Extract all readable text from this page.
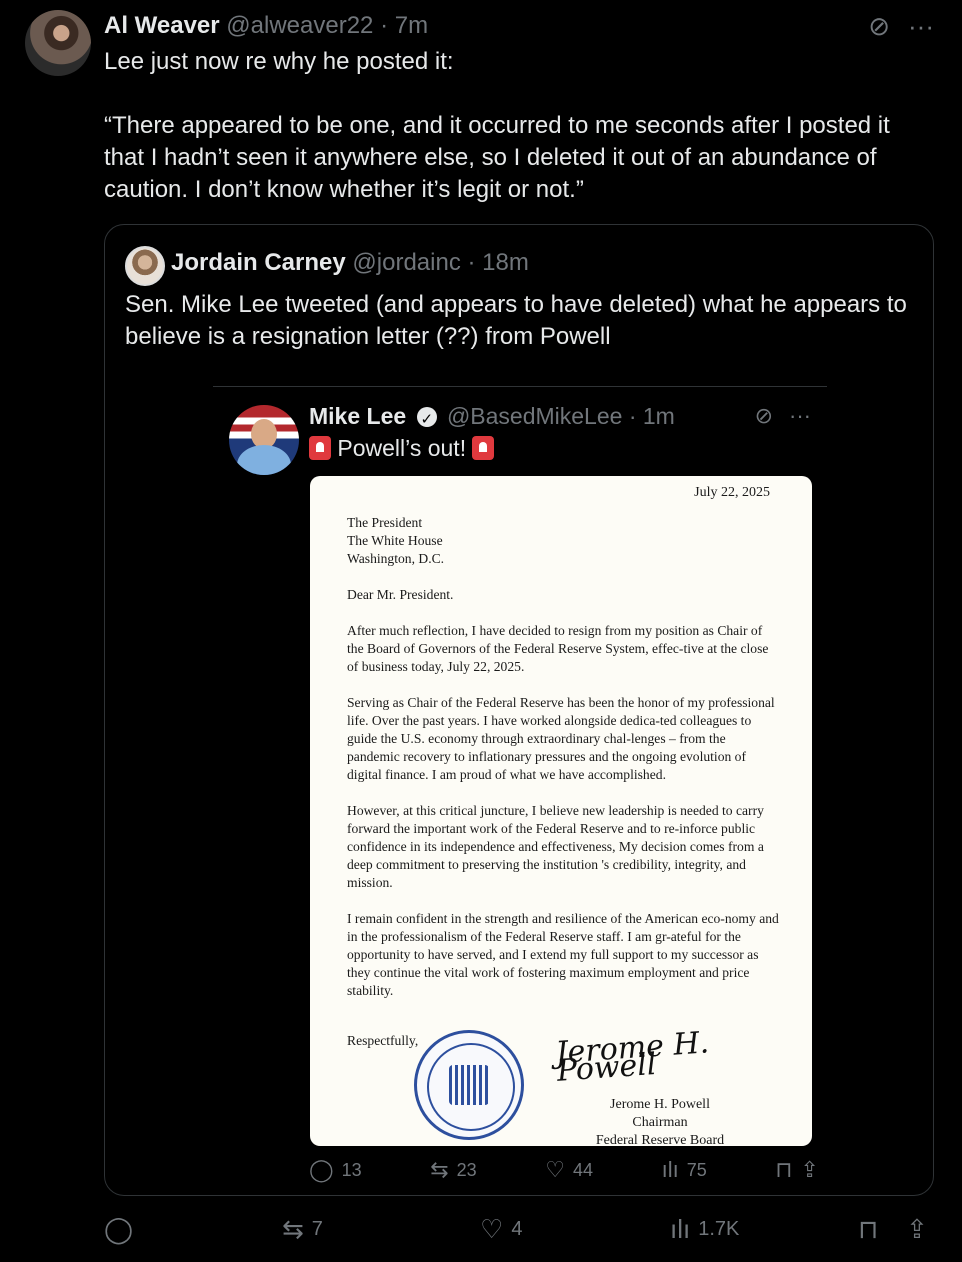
Al Weaver @alweaver22 · 7m	⊘ ···
Lee just now re why he posted it:

“There appeared to be one, and it occurred to me seconds after I posted it that I hadn’t seen it anywhere else, so I deleted it out of an abundance of caution. I don’t know whether it’s legit or not.”
Jordain Carney @jordainc · 18m
Sen. Mike Lee tweeted (and appears to have deleted) what he appears to believe is a resignation letter (??) from Powell
Mike Lee ✓ @BasedMikeLee · 1m	⊘ ···
Powell’s out!
July 22, 2025

The President
The White House
Washington, D.C.

Dear Mr. President.

After much reflection, I have decided to resign from my position as Chair of the Board of Governors of the Federal Reserve System, effec-tive at the close of business today, July 22, 2025.

Serving as Chair of the Federal Reserve has been the honor of my professional life. Over the past years. I have worked alongside dedica-ted colleagues to guide the U.S. economy through extraordinary chal-lenges – from the pandemic recovery to inflationary pressures and the ongoing evolution of digital finance. I am proud of what we have accomplished.

However, at this critical juncture, I believe new leadership is needed to carry forward the important work of the Federal Reserve and to re-inforce public confidence in its independence and effectiveness, My decision comes from a deep commitment to preserving the institution 's credibility, integrity, and mission.

I remain confident in the strength and resilience of the American eco-nomy and in the professionalism of the Federal Reserve staff. I am gr-ateful for the opportunity to have served, and I extend my full support to my successor as they continue the vital work of fostering maximum employment and price stability.

Respectfully,	Jerome H. Powell
Jerome H. Powell
Chairman
Federal Reserve Board
◯ 13	⇆ 23	♡ 44	ılı 75	⊓ ⇪
◯	⇆ 7	♡ 4	ılı 1.7K	⊓ ⇪
